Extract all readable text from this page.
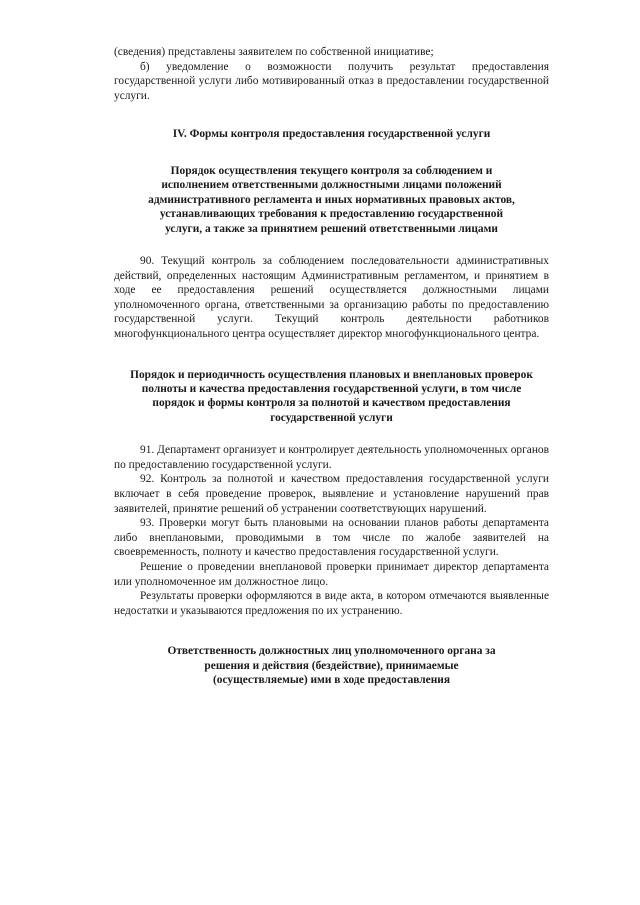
(сведения) представлены заявителем по собственной инициативе;

б) уведомление о возможности получить результат предоставления государственной услуги либо мотивированный отказ в предоставлении государственной услуги.

IV. Формы контроля предоставления государственной услуги

Порядок осуществления текущего контроля за соблюдением и исполнением ответственными должностными лицами положений административного регламента и иных нормативных правовых актов, устанавливающих требования к предоставлению государственной услуги, а также за принятием решений ответственными лицами

90. Текущий контроль за соблюдением последовательности административных действий, определенных настоящим Административным регламентом, и принятием в ходе ее предоставления решений осуществляется должностными лицами уполномоченного органа, ответственными за организацию работы по предоставлению государственной услуги. Текущий контроль деятельности работников многофункционального центра осуществляет директор многофункционального центра.

Порядок и периодичность осуществления плановых и внеплановых проверок полноты и качества предоставления государственной услуги, в том числе порядок и формы контроля за полнотой и качеством предоставления государственной услуги

91. Департамент организует и контролирует деятельность уполномоченных органов по предоставлению государственной услуги.

92. Контроль за полнотой и качеством предоставления государственной услуги включает в себя проведение проверок, выявление и установление нарушений прав заявителей, принятие решений об устранении соответствующих нарушений.

93. Проверки могут быть плановыми на основании планов работы департамента либо внеплановыми, проводимыми в том числе по жалобе заявителей на своевременность, полноту и качество предоставления государственной услуги.

Решение о проведении внеплановой проверки принимает директор департамента или уполномоченное им должностное лицо.

Результаты проверки оформляются в виде акта, в котором отмечаются выявленные недостатки и указываются предложения по их устранению.

Ответственность должностных лиц уполномоченного органа за решения и действия (бездействие), принимаемые (осуществляемые) ими в ходе предоставления
